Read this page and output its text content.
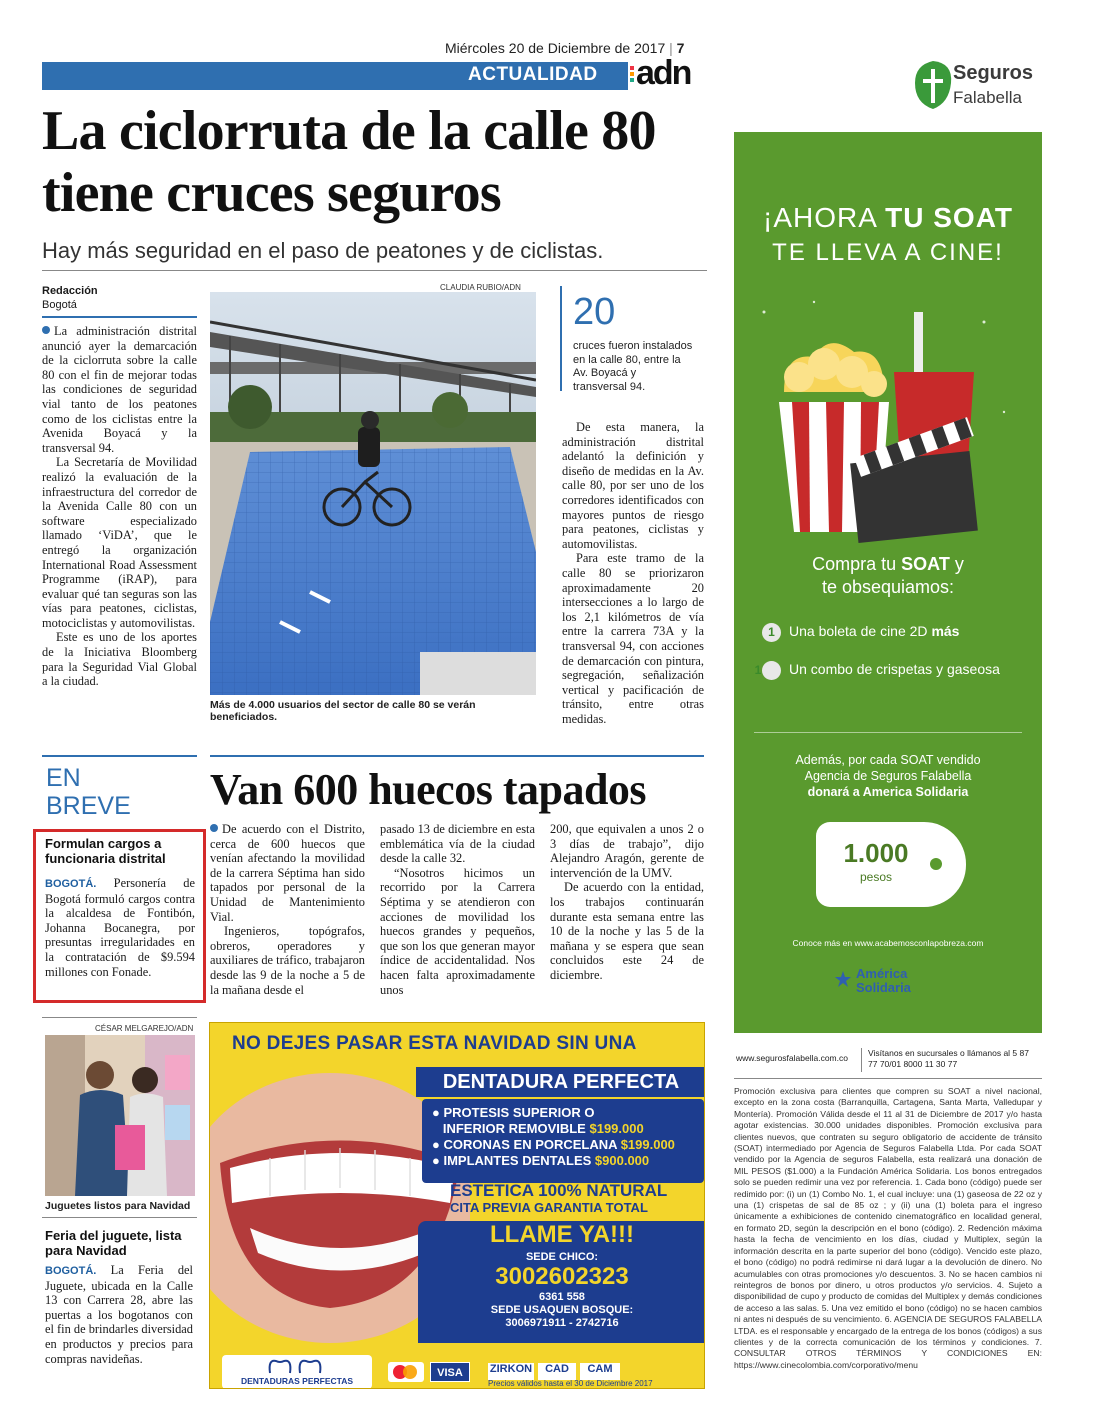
Miércoles 20 de Diciembre de 2017 | 7
ACTUALIDAD adn
La ciclorruta de la calle 80 tiene cruces seguros
Hay más seguridad en el paso de peatones y de ciclistas.
Redacción
Bogotá

La administración distrital anunció ayer la demarcación de la ciclorruta sobre la calle 80 con el fin de mejorar todas las condiciones de seguridad vial tanto de los peatones como de los ciclistas entre la Avenida Boyacá y la transversal 94.

La Secretaría de Movilidad realizó la evaluación de la infraestructura del corredor de la Avenida Calle 80 con un software especializado llamado ‘ViDA’, que le entregó la organización International Road Assessment Programme (iRAP), para evaluar qué tan seguras son las vías para peatones, ciclistas, motociclistas y automovilistas.

Este es uno de los aportes de la Iniciativa Bloomberg para la Seguridad Vial Global a la ciudad.

CLAUDIA RUBIO/ADN
Más de 4.000 usuarios del sector de calle 80 se verán beneficiados.
20
cruces fueron instalados en la calle 80, entre la Av. Boyacá y transversal 94.

De esta manera, la administración distrital adelantó la definición y diseño de medidas en la Av. calle 80, por ser uno de los corredores identificados con mayores puntos de riesgo para peatones, ciclistas y automovilistas.

Para este tramo de la calle 80 se priorizaron aproximadamente 20 intersecciones a lo largo de los 2,1 kilómetros de vía entre la carrera 73A y la transversal 94, con acciones de demarcación con pintura, segregación, señalización vertical y pacificación de tránsito, entre otras medidas.

EN
BREVE
Formulan cargos a funcionaria distrital
BOGOTÁ. Personería de Bogotá formuló cargos contra la alcaldesa de Fontibón, Johanna Bocanegra, por presuntas irregularidades en la contratación de $9.594 millones con Fonade.
CÉSAR MELGAREJO/ADN
Juguetes listos para Navidad
Feria del juguete, lista para Navidad
BOGOTÁ. La Feria del Juguete, ubicada en la Calle 13 con Carrera 28, abre las puertas a los bogotanos con el fin de brindarles diversidad en productos y precios para compras navideñas.
Van 600 huecos tapados

De acuerdo con el Distrito, cerca de 600 huecos que venían afectando la movilidad de la carrera Séptima han sido tapados por personal de la Unidad de Mantenimiento Vial.

Ingenieros, topógrafos, obreros, operadores y auxiliares de tráfico, trabajaron desde las 9 de la noche a 5 de la mañana desde el

pasado 13 de diciembre en esta emblemática vía de la ciudad desde la calle 32.

“Nosotros hicimos un recorrido por la Carrera Séptima y se atendieron con acciones de movilidad los huecos grandes y pequeños, que son los que generan mayor índice de accidentalidad. Nos hacen falta aproximadamente unos

200, que equivalen a unos 2 o 3 días de trabajo”, dijo Alejandro Aragón, gerente de intervención de la UMV.

De acuerdo con la entidad, los trabajos continuarán durante esta semana entre las 10 de la noche y las 5 de la mañana y se espera que sean concluidos este 24 de diciembre.

NO DEJES PASAR ESTA NAVIDAD SIN UNA
DENTADURA PERFECTA
● PROTESIS SUPERIOR O
INFERIOR REMOVIBLE $199.000
● CORONAS EN PORCELANA $199.000
● IMPLANTES DENTALES $900.000
ESTETICA 100% NATURAL
CITA PREVIA GARANTIA TOTAL
LLAME YA!!!
SEDE CHICO:
3002602323
6361 558
SEDE USAQUEN BOSQUE:
3006971911 - 2742716
DENTADURAS PERFECTAS
VISA	ZIRKON	CAD	CAM
Precios válidos hasta el 30 de Diciembre 2017
Seguros
Falabella
¡AHORA TU SOAT
TE LLEVA A CINE!
Compra tu SOAT y
te obsequiamos:
1 Una boleta de cine 2D más
1 Un combo de crispetas y gaseosa
Además, por cada SOAT vendido
Agencia de Seguros Falabella
donará a America Solidaria
1.000
pesos
Conoce más en www.acabemosconlapobreza.com
América
Solidaria
www.segurosfalabella.com.co Visítanos en sucursales o llámanos al 5 87 77 70/01 8000 11 30 77
Promoción exclusiva para clientes que compren su SOAT a nivel nacional, excepto en la zona costa (Barranquilla, Cartagena, Santa Marta, Valledupar y Montería). Promoción Válida desde el 11 al 31 de Diciembre de 2017 y/o hasta agotar existencias. 30.000 unidades disponibles. Promoción exclusiva para clientes nuevos, que contraten su seguro obligatorio de accidente de tránsito (SOAT) intermediado por Agencia de Seguros Falabella Ltda. Por cada SOAT vendido por la Agencia de seguros Falabella, esta realizará una donación de MIL PESOS ($1.000) a la Fundación América Solidaria. Los bonos entregados solo se pueden redimir una vez por referencia. 1. Cada bono (código) puede ser redimido por: (i) un (1) Combo No. 1, el cual incluye: una (1) gaseosa de 22 oz y una (1) crispetas de sal de 85 oz ; y (ii) una (1) boleta para el ingreso únicamente a exhibiciones de contenido cinematográfico en localidad general, en formato 2D, según la descripción en el bono (código). 2. Redención máxima hasta la fecha de vencimiento en los días, ciudad y Multiplex, según la información descrita en la parte superior del bono (código). Vencido este plazo, el bono (código) no podrá redimirse ni dará lugar a la devolución de dinero. No acumulables con otras promociones y/o descuentos. 3. No se hacen cambios ni reintegros de bonos por dinero, u otros productos y/o servicios. 4. Sujeto a disponibilidad de cupo y producto de comidas del Multiplex y demás condiciones de acceso a las salas. 5. Una vez emitido el bono (código) no se hacen cambios ni antes ni después de su vencimiento. 6. AGENCIA DE SEGUROS FALABELLA LTDA. es el responsable y encargado de la entrega de los bonos (códigos) a sus clientes y de la correcta comunicación de los términos y condiciones. 7. CONSULTAR OTROS TÉRMINOS Y CONDICIONES EN: https://www.cinecolombia.com/corporativo/menu
